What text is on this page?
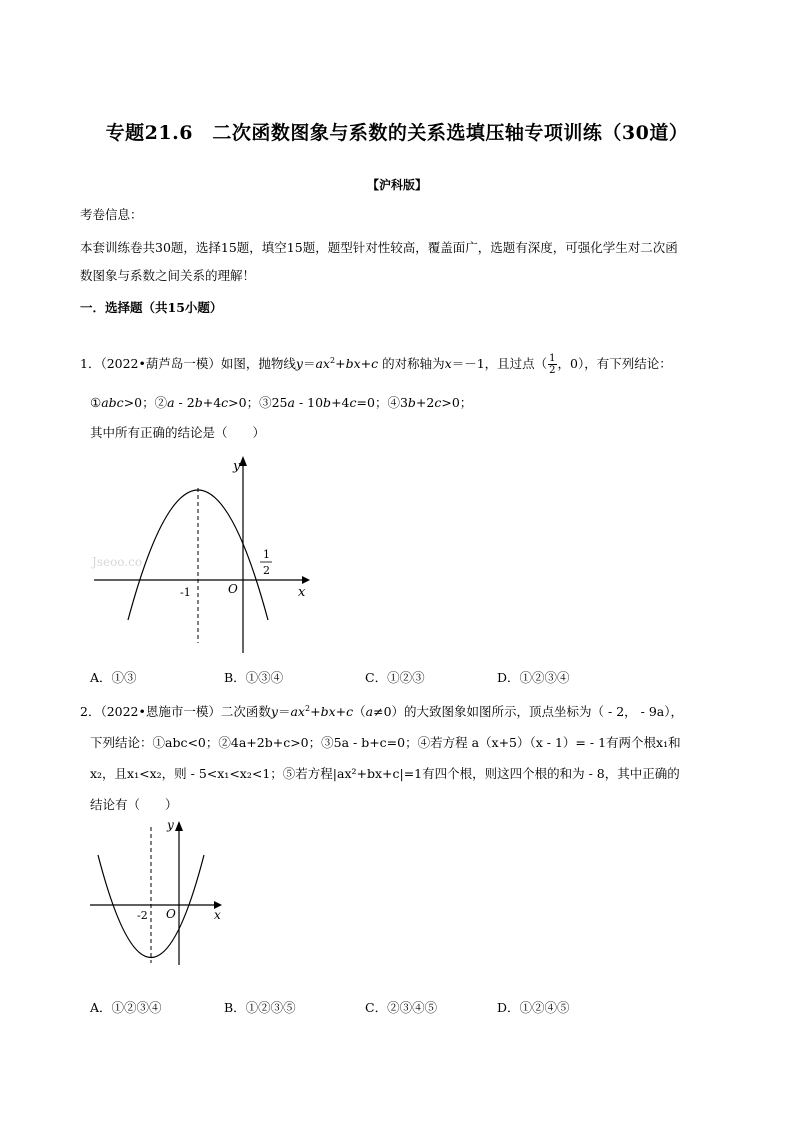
专题21.6　二次函数图象与系数的关系选填压轴专项训练（30道）
【沪科版】
考卷信息：
本套训练卷共30题，选择15题，填空15题，题型针对性较高，覆盖面广，选题有深度，可强化学生对二次函
数图象与系数之间关系的理解！
一．选择题（共15小题）
1．（2022•葫芦岛一模）如图，抛物线$y=ax^2+bx+c$ 的对称轴为x＝－1，且过点（ $\frac{1}{2}$ ，0），有下列结论：
①abc>0；②a - 2b+4c>0；③25a - 10b+4c=0；④3b+2c>0；
其中所有正确的结论是（　　）
Jseoo.co
y
x
O
-1
1
2
A．①③	B．①③④	C．①②③	D．①②③④
2．（2022•恩施市一模）二次函数$y=ax^2+bx+c(a\ne 0)$的大致图象如图所示，顶点坐标为（ - 2， - 9a），
下列结论：①abc<0；②4a+2b+c>0；③5a - b+c=0；④若方程 a（x+5）（x - 1）= - 1有两个根x₁和
x₂，且x₁<x₂，则 - 5<x₁<x₂<1；⑤若方程|ax²+bx+c|=1有四个根，则这四个根的和为 - 8，其中正确的
结论有（　　）
y
x
O
-2
A．①②③④	B．①②③⑤	C．②③④⑤	D．①②④⑤
